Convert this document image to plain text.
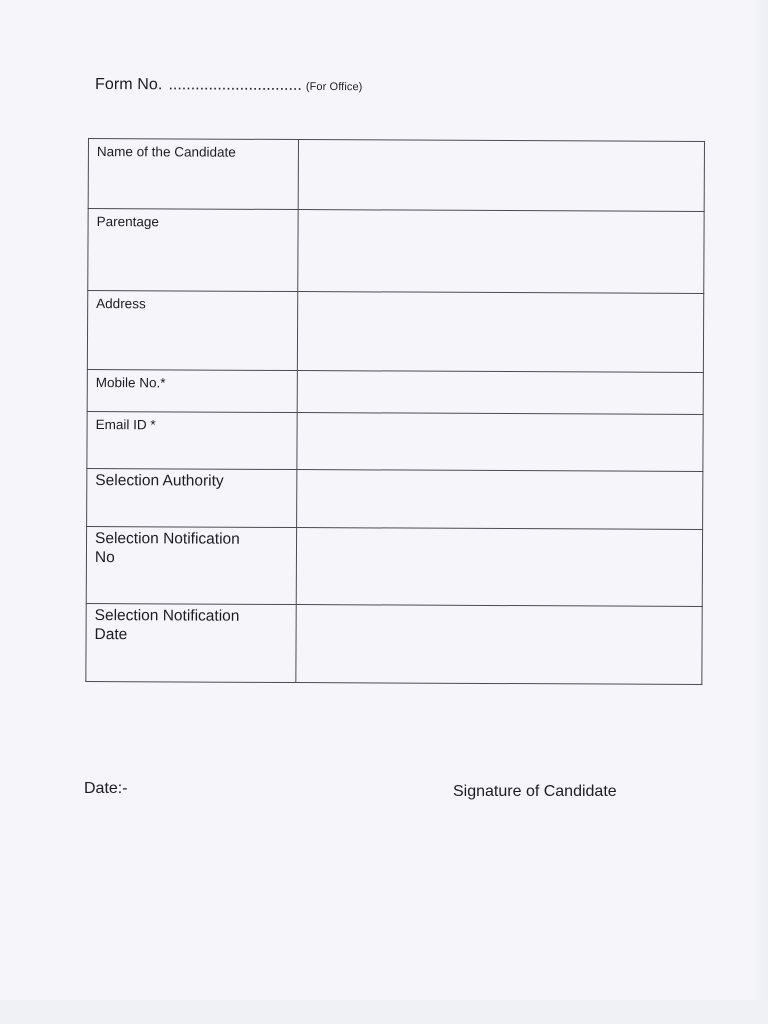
Form No. .............................. (For Office)
Name of the Candidate	

Parentage	

Address	

Mobile No.*	

Email ID *	

Selection Authority	

Selection Notification
No	

Selection Notification
Date	

Date:-	Signature of Candidate
